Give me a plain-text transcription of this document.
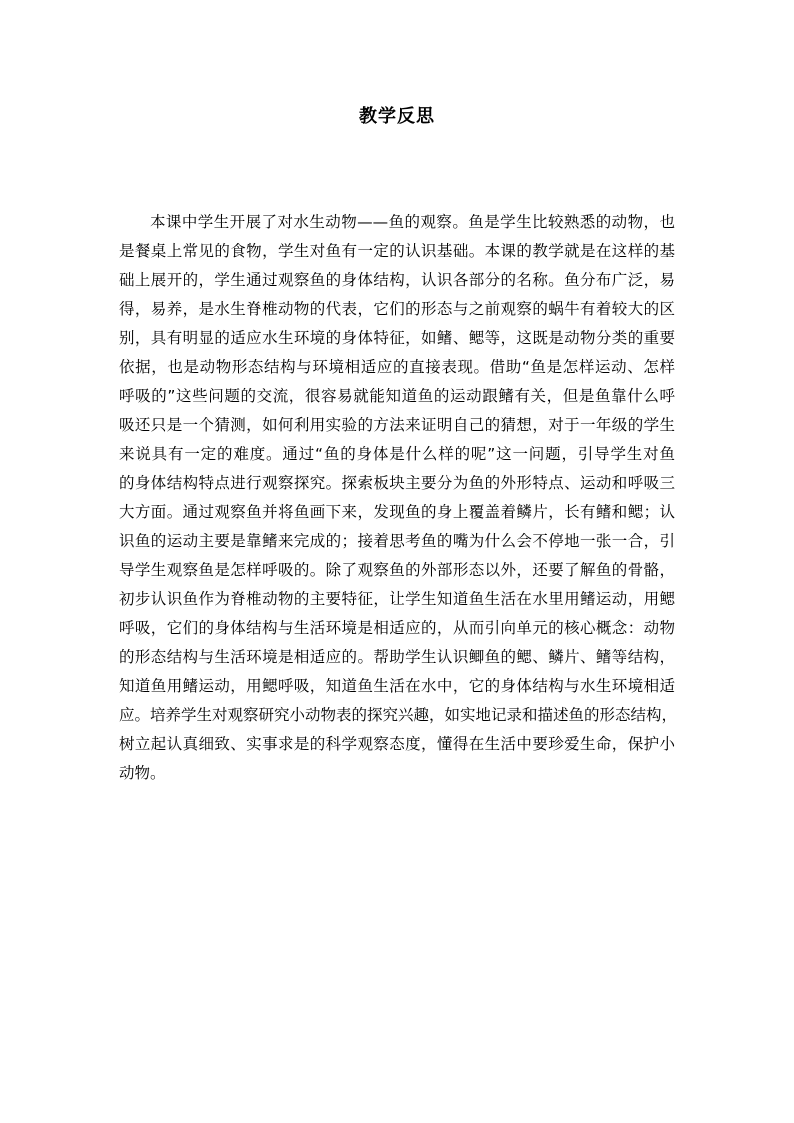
教学反思

本课中学生开展了对水生动物——鱼的观察。鱼是学生比较熟悉的动物，也
是餐桌上常见的食物，学生对鱼有一定的认识基础。本课的教学就是在这样的基
础上展开的，学生通过观察鱼的身体结构，认识各部分的名称。鱼分布广泛，易
得，易养，是水生脊椎动物的代表，它们的形态与之前观察的蜗牛有着较大的区
别，具有明显的适应水生环境的身体特征，如鳍、鳃等，这既是动物分类的重要
依据，也是动物形态结构与环境相适应的直接表现。借助“鱼是怎样运动、怎样
呼吸的”这些问题的交流，很容易就能知道鱼的运动跟鳍有关，但是鱼靠什么呼
吸还只是一个猜测，如何利用实验的方法来证明自己的猜想，对于一年级的学生
来说具有一定的难度。通过“鱼的身体是什么样的呢”这一问题，引导学生对鱼
的身体结构特点进行观察探究。探索板块主要分为鱼的外形特点、运动和呼吸三
大方面。通过观察鱼并将鱼画下来，发现鱼的身上覆盖着鳞片，长有鳍和鳃；认
识鱼的运动主要是靠鳍来完成的；接着思考鱼的嘴为什么会不停地一张一合，引
导学生观察鱼是怎样呼吸的。除了观察鱼的外部形态以外，还要了解鱼的骨骼，
初步认识鱼作为脊椎动物的主要特征，让学生知道鱼生活在水里用鳍运动，用鳃
呼吸，它们的身体结构与生活环境是相适应的，从而引向单元的核心概念：动物
的形态结构与生活环境是相适应的。帮助学生认识鲫鱼的鳃、鳞片、鳍等结构，
知道鱼用鳍运动，用鳃呼吸，知道鱼生活在水中，它的身体结构与水生环境相适
应。培养学生对观察研究小动物表的探究兴趣，如实地记录和描述鱼的形态结构，
树立起认真细致、实事求是的科学观察态度，懂得在生活中要珍爱生命，保护小
动物。
